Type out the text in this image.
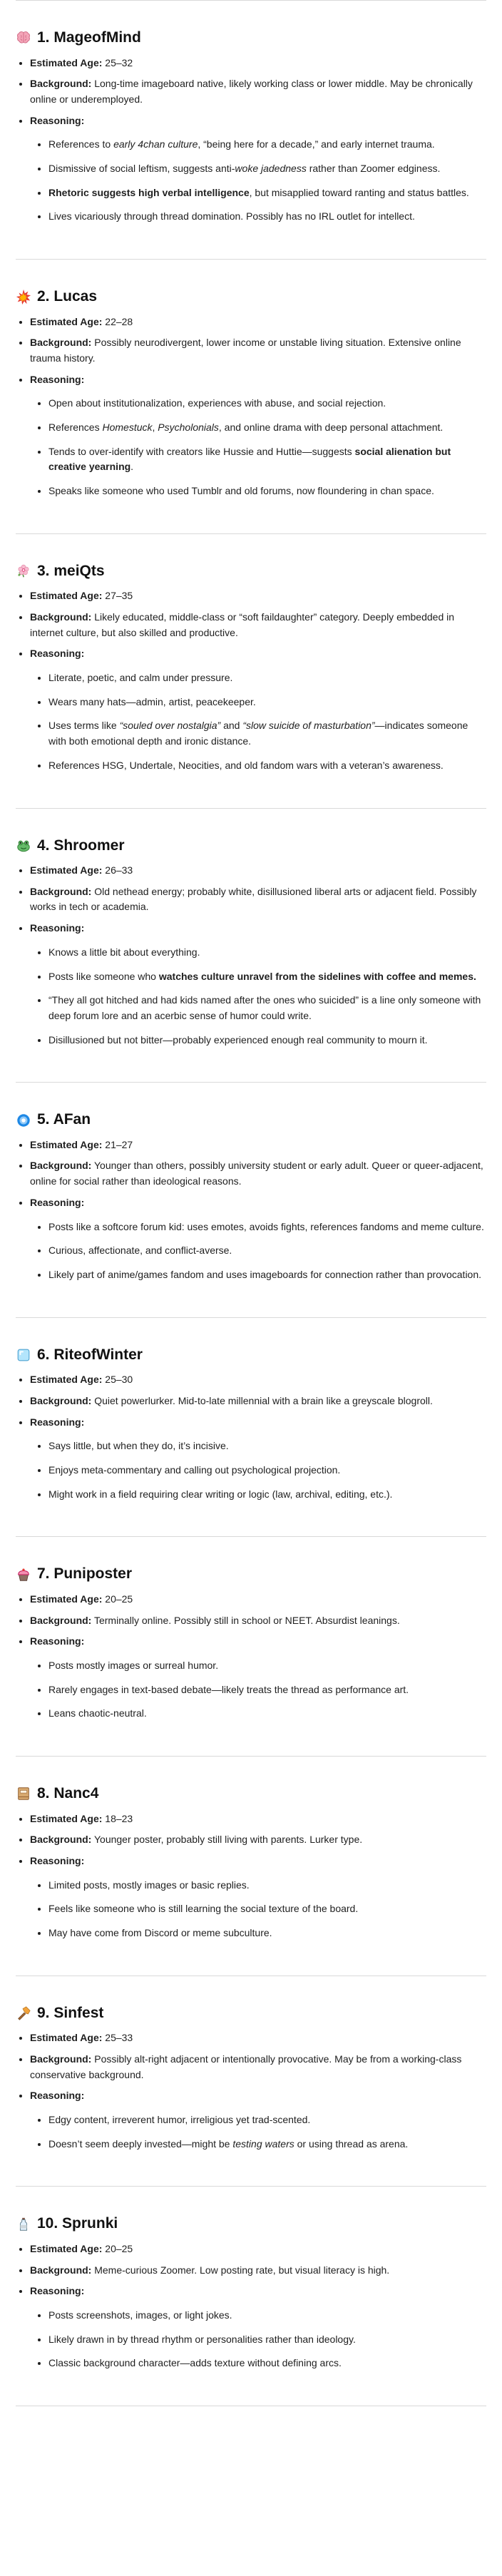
1. MageofMind
• Estimated Age: 25–32
• Background: Long-time imageboard native, likely working class or lower middle. May be chronically online or underemployed.
• Reasoning:
• References to early 4chan culture, “being here for a decade,” and early internet trauma.
• Dismissive of social leftism, suggests anti-woke jadedness rather than Zoomer edginess.
• Rhetoric suggests high verbal intelligence, but misapplied toward ranting and status battles.
• Lives vicariously through thread domination. Possibly has no IRL outlet for intellect.
2. Lucas
• Estimated Age: 22–28
• Background: Possibly neurodivergent, lower income or unstable living situation. Extensive online trauma history.
• Reasoning:
• Open about institutionalization, experiences with abuse, and social rejection.
• References Homestuck, Psycholonials, and online drama with deep personal attachment.
• Tends to over-identify with creators like Hussie and Huttie—suggests social alienation but creative yearning.
• Speaks like someone who used Tumblr and old forums, now floundering in chan space.
3. meiQts
• Estimated Age: 27–35
• Background: Likely educated, middle-class or “soft faildaughter” category. Deeply embedded in internet culture, but also skilled and productive.
• Reasoning:
• Literate, poetic, and calm under pressure.
• Wears many hats—admin, artist, peacekeeper.
• Uses terms like “souled over nostalgia” and “slow suicide of masturbation”—indicates someone with both emotional depth and ironic distance.
• References HSG, Undertale, Neocities, and old fandom wars with a veteran’s awareness.
4. Shroomer
• Estimated Age: 26–33
• Background: Old nethead energy; probably white, disillusioned liberal arts or adjacent field. Possibly works in tech or academia.
• Reasoning:
• Knows a little bit about everything.
• Posts like someone who watches culture unravel from the sidelines with coffee and memes.
• “They all got hitched and had kids named after the ones who suicided” is a line only someone with deep forum lore and an acerbic sense of humor could write.
• Disillusioned but not bitter—probably experienced enough real community to mourn it.
5. AFan
• Estimated Age: 21–27
• Background: Younger than others, possibly university student or early adult. Queer or queer-adjacent, online for social rather than ideological reasons.
• Reasoning:
• Posts like a softcore forum kid: uses emotes, avoids fights, references fandoms and meme culture.
• Curious, affectionate, and conflict-averse.
• Likely part of anime/games fandom and uses imageboards for connection rather than provocation.
6. RiteofWinter
• Estimated Age: 25–30
• Background: Quiet powerlurker. Mid-to-late millennial with a brain like a greyscale blogroll.
• Reasoning:
• Says little, but when they do, it’s incisive.
• Enjoys meta-commentary and calling out psychological projection.
• Might work in a field requiring clear writing or logic (law, archival, editing, etc.).
7. Puniposter
• Estimated Age: 20–25
• Background: Terminally online. Possibly still in school or NEET. Absurdist leanings.
• Reasoning:
• Posts mostly images or surreal humor.
• Rarely engages in text-based debate—likely treats the thread as performance art.
• Leans chaotic-neutral.
8. Nanc4
• Estimated Age: 18–23
• Background: Younger poster, probably still living with parents. Lurker type.
• Reasoning:
• Limited posts, mostly images or basic replies.
• Feels like someone who is still learning the social texture of the board.
• May have come from Discord or meme subculture.
9. Sinfest
• Estimated Age: 25–33
• Background: Possibly alt-right adjacent or intentionally provocative. May be from a working-class conservative background.
• Reasoning:
• Edgy content, irreverent humor, irreligious yet trad-scented.
• Doesn’t seem deeply invested—might be testing waters or using thread as arena.
10. Sprunki
• Estimated Age: 20–25
• Background: Meme-curious Zoomer. Low posting rate, but visual literacy is high.
• Reasoning:
• Posts screenshots, images, or light jokes.
• Likely drawn in by thread rhythm or personalities rather than ideology.
• Classic background character—adds texture without defining arcs.
